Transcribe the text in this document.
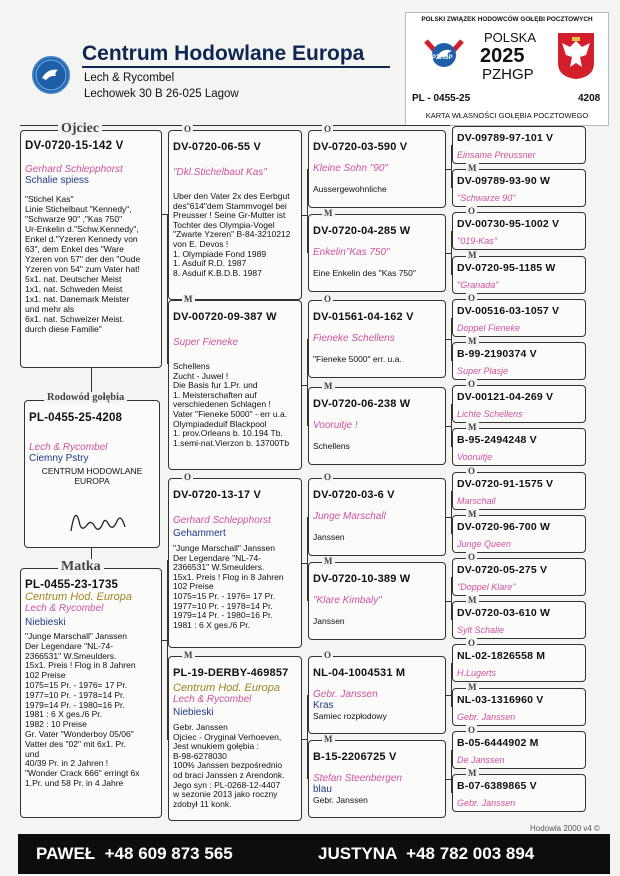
Centrum Hodowlane Europa
Lech & Rycombel
Lechowek 30 B 26-025 Lagow
POLSKI ZWIĄZEK HODOWCÓW GOŁĘBI POCZTOWYCH
PZHGP
POLSKA
2025
PZHGP
PL - 0455-25	4208
KARTA WŁASNOŚCI GOŁĘBIA POCZTOWEGO
DV-0720-15-142 V
Gerhard Schlepphorst
Schalie spiess
"Stichel Kas"
Linie Stichelbaut "Kennedy",
"Schwarze 90" ,"Kas 750"
Ur-Enkelin d."Schw.Kennedy",
Enkel d."Yzeren Kennedy von
63", dem Enkel des "Ware
Yzeren von 57" der den "Oude
Yzeren von 54" zum Vater hat!
5x1. nat. Deutscher Meist
1x1. nat. Schweden Meist
1x1. nat. Danemark Meister
und mehr als
6x1. nat. Schweizer Meist.
durch diese Familie"
Ojciec
PL-0455-25-4208
Lech & Rycombel
Ciemny Pstry
CENTRUM HODOWLANE
EUROPA
Rodowód gołębia
PL-0455-23-1735
Centrum Hod. Europa
Lech & Rycombel
Niebieski
"Junge Marschall" Janssen
Der Legendare "NL-74-
2366531" W.Smeulders.
15x1. Preis ! Flog in 8 Jahren
102 Preise
1075=15 Pr. - 1976= 17 Pr.
1977=10 Pr. - 1978=14 Pr.
1979=14 Pr. - 1980=16 Pr.
1981 : 6 X ges./6 Pr.
1982 : 10 Preise
Gr. Vater "Wonderboy 05/06"
Vatter des "02" mit 6x1. Pr.
und
40/39 Pr. in 2 Jahren !
"Wonder Crack 666" erringt 6x
1.Pr. und 58 Pr. in 4 Jahre
Matka
Hodowla 2000 v4 ©
PAWEŁ  +48 609 873 565	JUSTYNA  +48 782 003 894
DV-0720-06-55 V
"Dkl.Stichelbaut Kas"
Uber den Vater 2x des Eerbgut
des"614"dem Stammvogel bei
Preusser ! Seine Gr-Mutter ist
Tochter des Olympia-Vogel
"Zwarte Yzeren" B-84-3210212
von E. Devos !
1. Olympiade Fond 1989
1. Asduif R.D. 1987
8. Asduif K.B.D.B. 1987
O
DV-00720-09-387 W
Super Fieneke
Schellens
Zucht - Juwel !
Die Basis fur 1.Pr. und
1. Meisterschaften auf
verschiedenen Schlagen !
Vater "Fieneke 5000" - err u.a.
Olympiadeduif Blackpool
1. prov.Orleans b. 10.194 Tb.
1.semi-nat.Vierzon b. 13700Tb
M
DV-0720-13-17 V
Gerhard Schlepphorst
Gehammert
"Junge Marschall" Janssen
Der Legendare "NL-74-
2366531" W.Smeulders.
15x1. Preis ! Flog in 8 Jahren
102 Preise
1075=15 Pr. - 1976= 17 Pr.
1977=10 Pr. - 1978=14 Pr.
1979=14 Pr. - 1980=16 Pr.
1981 : 6 X ges./6 Pr.
O
PL-19-DERBY-469857
Centrum Hod. Europa
Lech & Rycombel
Niebieski
Gebr. Janssen
Ojciec - Oryginał Verhoeven,
Jest wnukiem gołębia :
B-98-6278030
100% Janssen bezpośrednio
od braci Janssen z Arendonk.
Jego syn : PL-0268-12-4407
w sezonie 2013 jako roczny
zdobył 11 konk.
M
DV-0720-03-590 V
Kleine Sohn "90"
Aussergewohnliche
O
DV-0720-04-285 W
Enkelin"Kas 750"
Eine Enkelin des "Kas 750"
M
DV-01561-04-162 V
Fieneke Schellens
"Fieneke 5000" err. u.a.
O
DV-0720-06-238 W
Vooruitje !
Schellens
M
DV-0720-03-6 V
Junge Marschall
Janssen
O
DV-0720-10-389 W
"Klare Kimbaly"
Janssen
M
NL-04-1004531 M
Gebr. Janssen
Kras
Samiec rozpłodowy
O
B-15-2206725 V
Stefan Steenbergen
blau
Gebr. Janssen
M
DV-09789-97-101 V
Einsame Preussner
DV-09789-93-90 W
"Schwarze 90"
M
DV-00730-95-1002 V
"019-Kas"
O
DV-0720-95-1185 W
"Granada"
M
DV-00516-03-1057 V
Doppel Fieneke
O
B-99-2190374 V
Super Plasje
M
DV-00121-04-269 V
Lichte Schellens
O
B-95-2494248 V
Vooruitje
M
DV-0720-91-1575 V
Marschall
O
DV-0720-96-700 W
Junge Queen
M
DV-0720-05-275 V
"Doppel Klare"
O
DV-0720-03-610 W
Sylt Schalie
M
NL-02-1826558 M
H.Lugerts
O
NL-03-1316960 V
Gebr. Janssen
M
B-05-6444902 M
De Janssen
O
B-07-6389865 V
Gebr. Janssen
M
